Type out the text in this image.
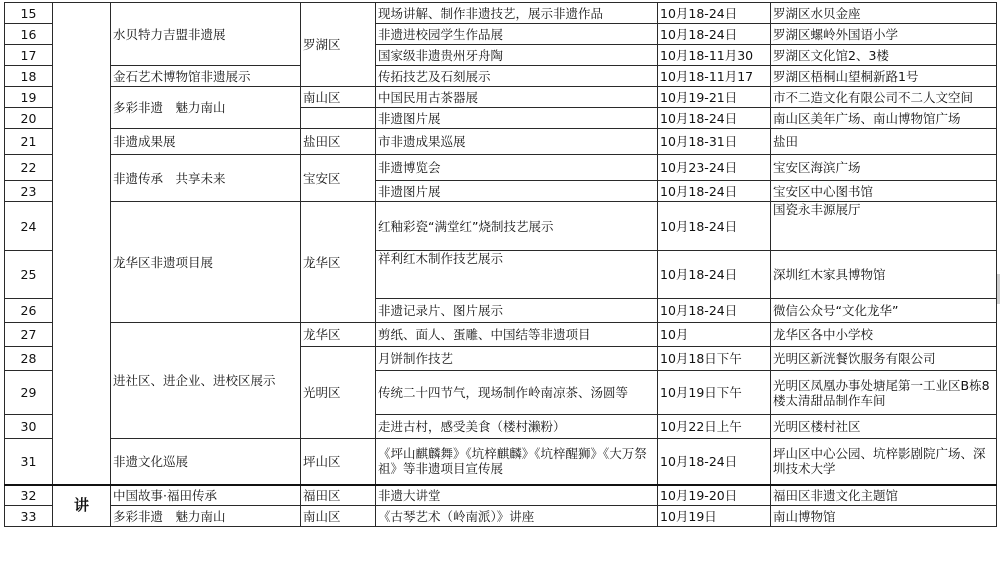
15		水贝特力吉盟非遗展	罗湖区	现场讲解、制作非遗技艺，展示非遗作品	10月18-24日	罗湖区水贝金座
16				非遗进校园学生作品展	10月18-24日	罗湖区螺岭外国语小学
17				国家级非遗贵州牙舟陶	10月18-11月30	罗湖区文化馆2、3楼
18		金石艺术博物馆非遗展示		传拓技艺及石刻展示	10月18-11月17	罗湖区梧桐山望桐新路1号
19		多彩非遗　魅力南山	南山区	中国民用古茶器展	10月19-21日	市不二造文化有限公司不二人文空间
20				非遗图片展	10月18-24日	南山区美年广场、南山博物馆广场
21		非遗成果展	盐田区	市非遗成果巡展	10月18-31日	盐田
22		非遗传承　共享未来	宝安区	非遗博览会	10月23-24日	宝安区海滨广场
23				非遗图片展	10月18-24日	宝安区中心图书馆
24		龙华区非遗项目展	龙华区	红釉彩瓷“满堂红”烧制技艺展示	10月18-24日	国瓷永丰源展厅
25				祥利红木制作技艺展示	10月18-24日	深圳红木家具博物馆
26				非遗记录片、图片展示	10月18-24日	微信公众号“文化龙华”
27		进社区、进企业、进校区展示	龙华区	剪纸、面人、蛋雕、中国结等非遗项目	10月	龙华区各中小学校
28			光明区	月饼制作技艺	10月18日下午	光明区新洸餐饮服务有限公司
29				传统二十四节气，现场制作岭南凉茶、汤圆等	10月19日下午	光明区凤凰办事处塘尾第一工业区B栋8楼太清甜品制作车间
30				走进古村，感受美食（楼村濑粉）	10月22日上午	光明区楼村社区
31		非遗文化巡展	坪山区	《坪山麒麟舞》《坑梓麒麟》《坑梓醒狮》《大万祭祖》等非遗项目宣传展	10月18-24日	坪山区中心公园、坑梓影剧院广场、深圳技术大学
32	讲	中国故事·福田传承	福田区	非遗大讲堂	10月19-20日	福田区非遗文化主题馆
33		多彩非遗　魅力南山	南山区	《古琴艺术（岭南派）》讲座	10月19日	南山博物馆
